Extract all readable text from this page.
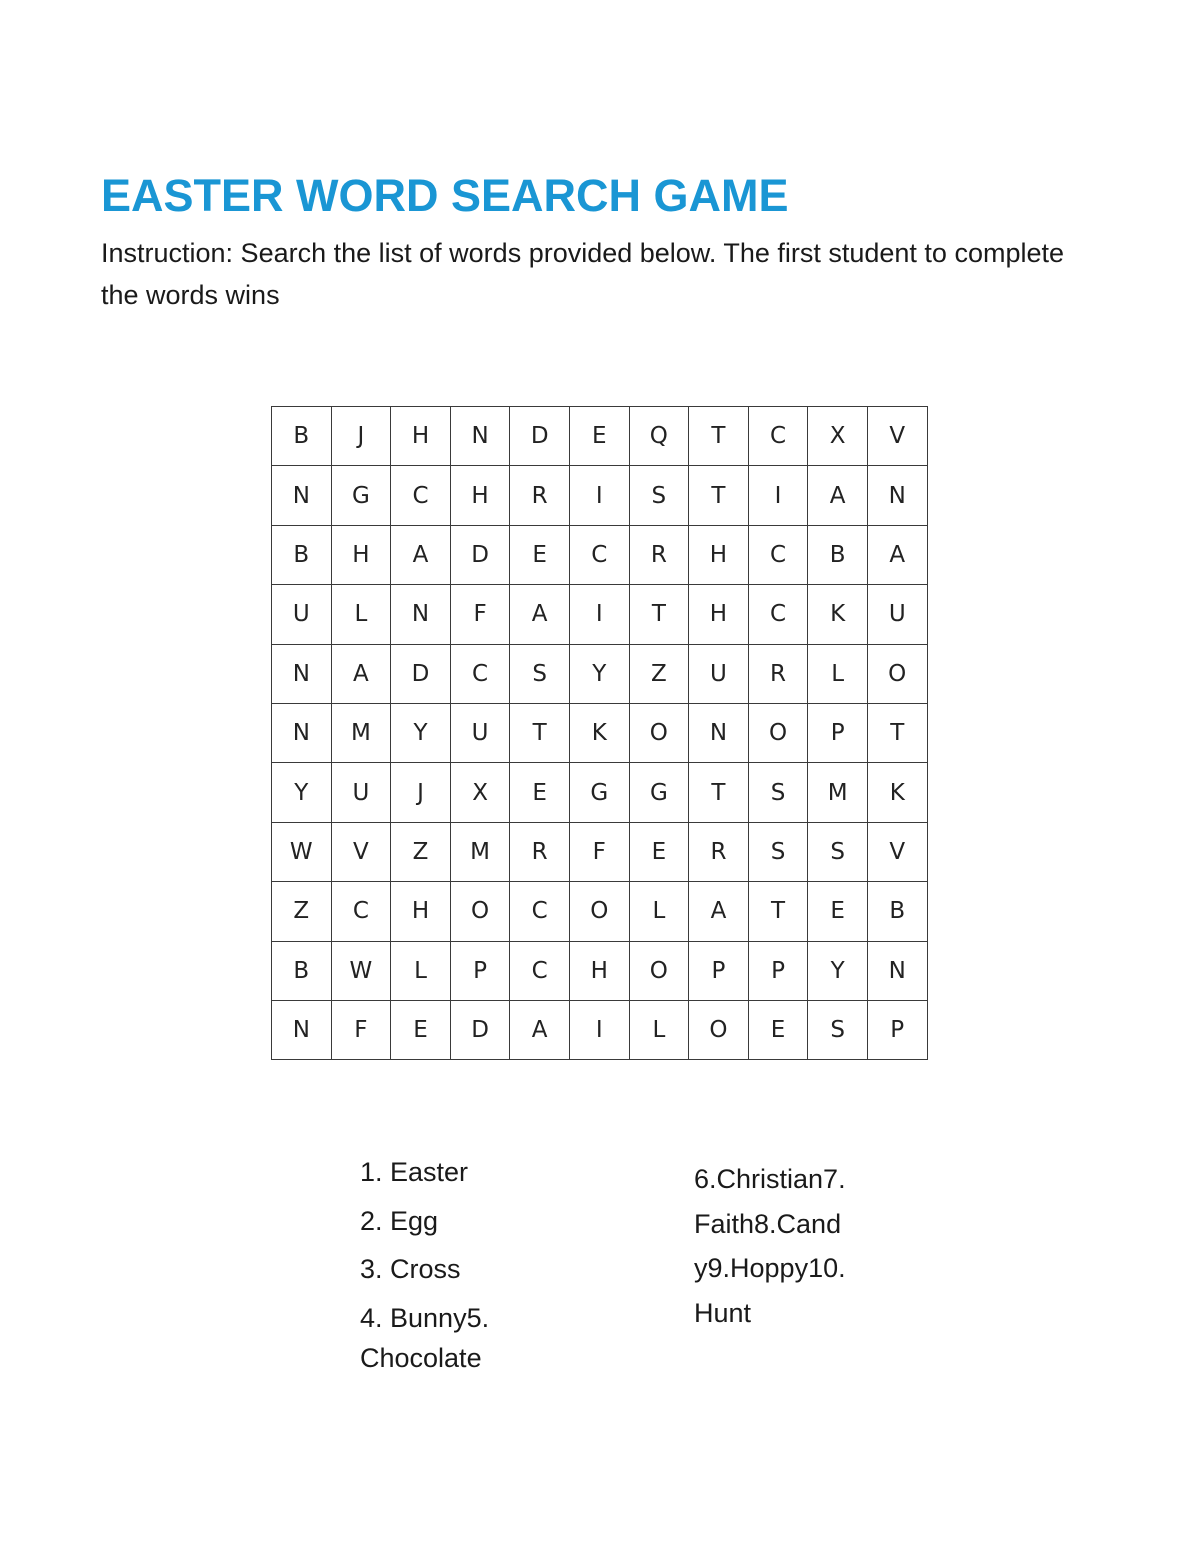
EASTER WORD SEARCH GAME

Instruction: Search the list of words provided below. The first student to complete the words wins

B	J	H	N	D	E	Q	T	C	X	V
N	G	C	H	R	I	S	T	I	A	N
B	H	A	D	E	C	R	H	C	B	A
U	L	N	F	A	I	T	H	C	K	U
N	A	D	C	S	Y	Z	U	R	L	O
N	M	Y	U	T	K	O	N	O	P	T
Y	U	J	X	E	G	G	T	S	M	K
W	V	Z	M	R	F	E	R	S	S	V
Z	C	H	O	C	O	L	A	T	E	B
B	W	L	P	C	H	O	P	P	Y	N
N	F	E	D	A	I	L	O	E	S	P
1. Easter
2. Egg
3. Cross
4. Bunny5.
Chocolate
6.Christian7.
Faith8.Cand
y9.Hoppy10.
Hunt
